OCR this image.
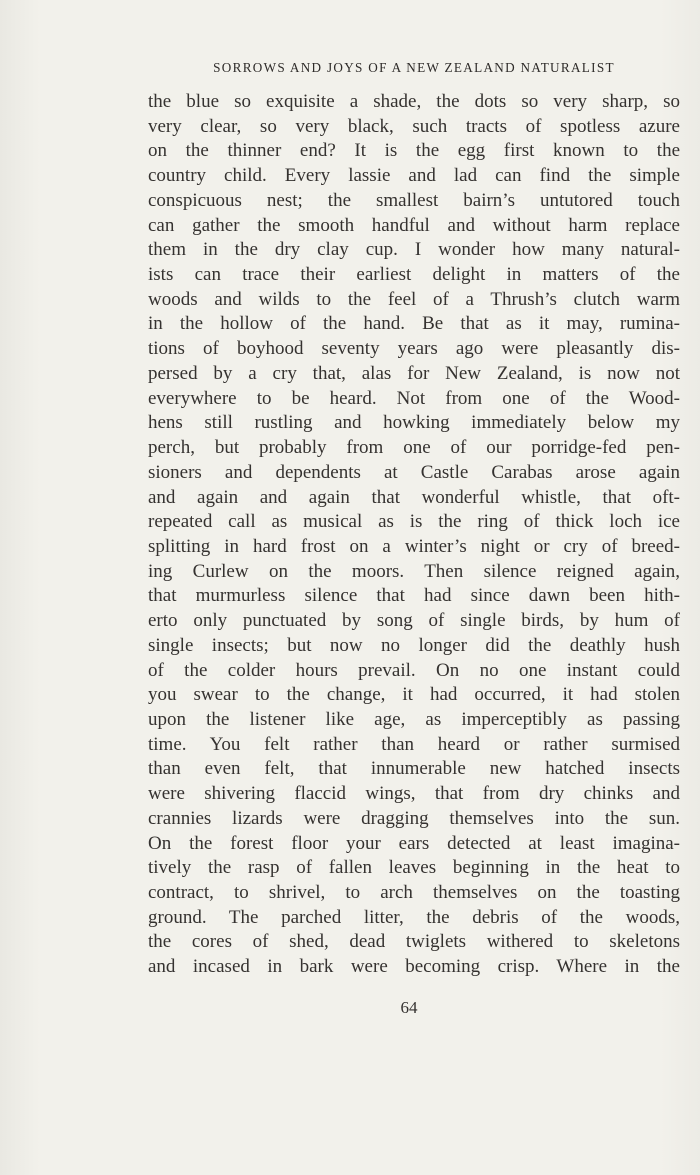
SORROWS AND JOYS OF A NEW ZEALAND NATURALIST
the blue so exquisite a shade, the dots so very sharp, so
very clear, so very black, such tracts of spotless azure
on the thinner end? It is the egg first known to the
country child. Every lassie and lad can find the simple
conspicuous nest; the smallest bairn’s untutored touch
can gather the smooth handful and without harm replace
them in the dry clay cup. I wonder how many natural-
ists can trace their earliest delight in matters of the
woods and wilds to the feel of a Thrush’s clutch warm
in the hollow of the hand. Be that as it may, rumina-
tions of boyhood seventy years ago were pleasantly dis-
persed by a cry that, alas for New Zealand, is now not
everywhere to be heard. Not from one of the Wood-
hens still rustling and howking immediately below my
perch, but probably from one of our porridge-fed pen-
sioners and dependents at Castle Carabas arose again
and again and again that wonderful whistle, that oft-
repeated call as musical as is the ring of thick loch ice
splitting in hard frost on a winter’s night or cry of breed-
ing Curlew on the moors. Then silence reigned again,
that murmurless silence that had since dawn been hith-
erto only punctuated by song of single birds, by hum of
single insects; but now no longer did the deathly hush
of the colder hours prevail. On no one instant could
you swear to the change, it had occurred, it had stolen
upon the listener like age, as imperceptibly as passing
time. You felt rather than heard or rather surmised
than even felt, that innumerable new hatched insects
were shivering flaccid wings, that from dry chinks and
crannies lizards were dragging themselves into the sun.
On the forest floor your ears detected at least imagina-
tively the rasp of fallen leaves beginning in the heat to
contract, to shrivel, to arch themselves on the toasting
ground. The parched litter, the debris of the woods,
the cores of shed, dead twiglets withered to skeletons
and incased in bark were becoming crisp. Where in the
64
